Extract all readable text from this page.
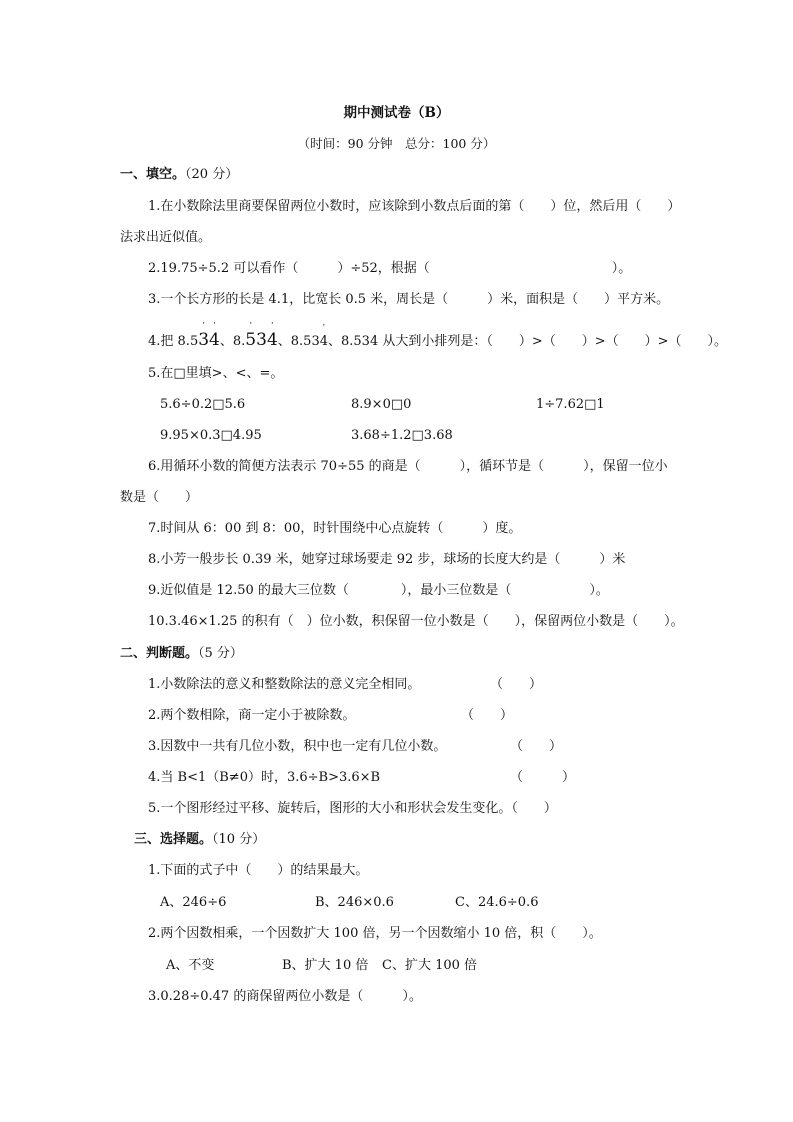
期中测试卷（B）
（时间：90 分钟　总分：100 分）
一、填空。（20 分）
1.在小数除法里商要保留两位小数时，应该除到小数点后面的第（　　）位，然后用（　　）
法求出近似值。
2.19.75÷5.2 可以看作（　　　）÷52，根据（　　　　　　　　　　　　　　）。
3.一个长方形的长是 4.1，比宽长 0.5 米，周长是（　　　）米，面积是（　　）平方米。
4.把 8.5˙ 3˙ 4、8.˙ 53˙ 4、8.53˙ 4、8.534 从大到小排列是：（　　）>（　　）>（　　）>（　　）。
5.在□里填>、<、=。
5.6÷0.2□5.6	8.9×0□0	1÷7.62□1
9.95×0.3□4.95	3.68÷1.2□3.68
6.用循环小数的简便方法表示 70÷55 的商是（　　　），循环节是（　　　），保留一位小
数是（　　）
7.时间从 6：00 到 8：00，时针围绕中心点旋转（　　　）度。
8.小芳一般步长 0.39 米，她穿过球场要走 92 步，球场的长度大约是（　　　）米
9.近似值是 12.50 的最大三位数（　　　　），最小三位数是（　　　　　　）。
10.3.46×1.25 的积有（　）位小数，积保留一位小数是（　　），保留两位小数是（　　）。
二、判断题。（5 分）
1.小数除法的意义和整数除法的意义完全相同。	（　　）
2.两个数相除，商一定小于被除数。	（　　）
3.因数中一共有几位小数，积中也一定有几位小数。	（　　）
4.当 B<1（B≠0）时，3.6÷B>3.6×B	（　　　）
5.一个图形经过平移、旋转后，图形的大小和形状会发生变化。（　　）
三、选择题。（10 分）
1.下面的式子中（　　）的结果最大。
A、246÷6	B、246×0.6	C、24.6÷0.6
2.两个因数相乘，一个因数扩大 100 倍，另一个因数缩小 10 倍，积（　　）。
A、不变	B、扩大 10 倍 C、扩大 100 倍
3.0.28÷0.47 的商保留两位小数是（　　　）。
